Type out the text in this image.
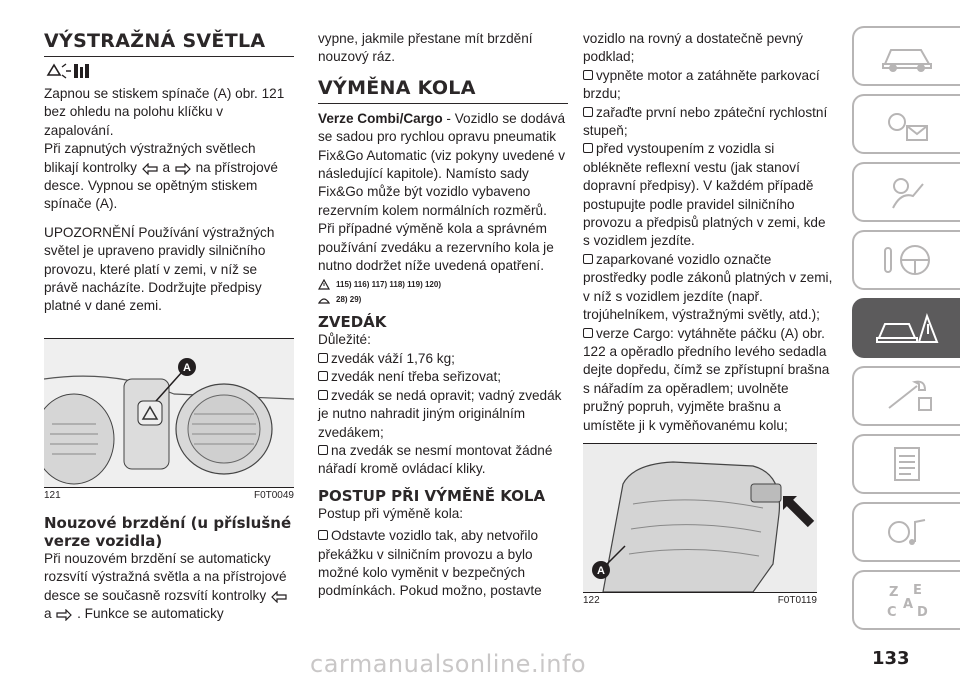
VÝSTRAŽNÁ SVĚTLA
Zapnou se stiskem spínače (A) obr. 121 bez ohledu na polohu klíčku v zapalování.
Při zapnutých výstražných světlech blikají kontrolky a na přístrojové desce. Vypnou se opětným stiskem spínače (A).
UPOZORNĚNÍ Používání výstražných světel je upraveno pravidly silničního provozu, které platí v zemi, v níž se právě nacházíte. Dodržujte předpisy platné v dané zemi.
A
121	F0T0049
Nouzové brzdění (u příslušné verze vozidla)
Při nouzovém brzdění se automaticky rozsvítí výstražná světla a na přístrojové desce se současně rozsvítí kontrolky  a . Funkce se automaticky
vypne, jakmile přestane mít brzdění nouzový ráz.
VÝMĚNA KOLA
Verze Combi/Cargo - Vozidlo se dodává se sadou pro rychlou opravu pneumatik Fix&Go Automatic (viz pokyny uvedené v následující kapitole). Namísto sady Fix&Go může být vozidlo vybaveno rezervním kolem normálních rozměrů.
Při případné výměně kola a správném používání zvedáku a rezervního kola je nutno dodržet níže uvedená opatření.
115) 116) 117) 118) 119) 120)
28) 29)
ZVEDÁK
Důležité:
zvedák váží 1,76 kg;
zvedák není třeba seřizovat;
zvedák se nedá opravit; vadný zvedák je nutno nahradit jiným originálním zvedákem;
na zvedák se nesmí montovat žádné nářadí kromě ovládací kliky.
POSTUP PŘI VÝMĚNĚ KOLA
Postup při výměně kola:
Odstavte vozidlo tak, aby netvořilo překážku v silničním provozu a bylo možné kolo vyměnit v bezpečných podmínkách. Pokud možno, postavte
vozidlo na rovný a dostatečně pevný podklad;
vypněte motor a zatáhněte parkovací brzdu;
zařaďte první nebo zpáteční rychlostní stupeň;
před vystoupením z vozidla si oblékněte reflexní vestu (jak stanoví dopravní předpisy). V každém případě postupujte podle pravidel silničního provozu a předpisů platných v zemi, kde s vozidlem jezdíte.
zaparkované vozidlo označte prostředky podle zákonů platných v zemi, v níž s vozidlem jezdíte (např. trojúhelníkem, výstražnými světly, atd.);
verze Cargo: vytáhněte páčku (A) obr. 122 a opěradlo předního levého sedadla dejte dopředu, čímž se zpřístupní brašna s nářadím za opěradlem; uvolněte pružný popruh, vyjměte brašnu a umístěte ji k vyměňovanému kolu;
A
122	F0T0119
Z E
A
C D
133
carmanualsonline.info
